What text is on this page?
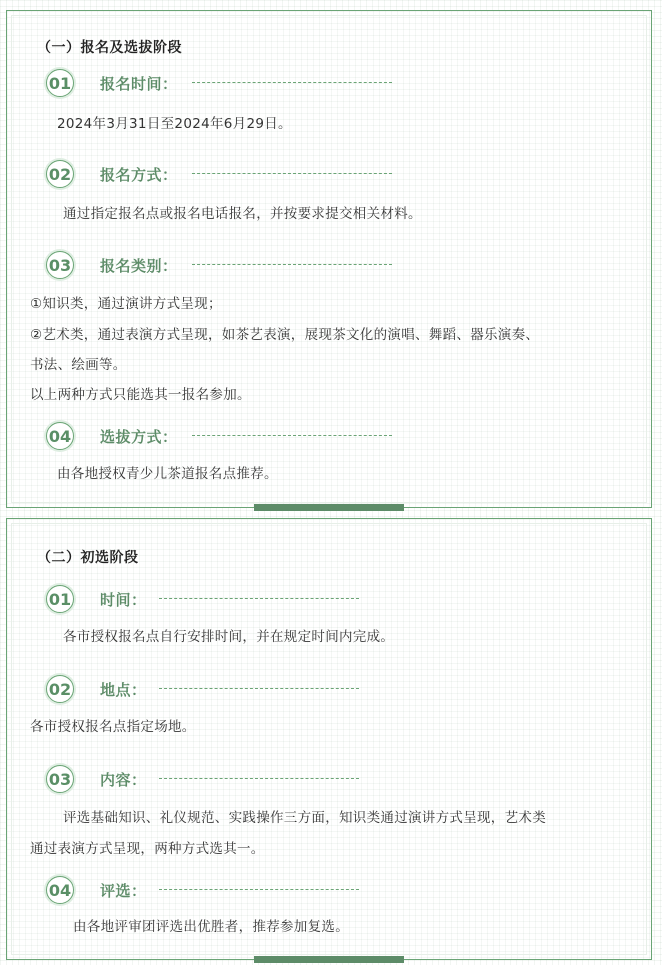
（一）报名及选拔阶段
01 报名时间：
2024年3月31日至2024年6月29日。
02 报名方式：
通过指定报名点或报名电话报名，并按要求提交相关材料。
03 报名类别：
①知识类，通过演讲方式呈现；
②艺术类，通过表演方式呈现，如茶艺表演，展现茶文化的演唱、舞蹈、器乐演奏、
书法、绘画等。
以上两种方式只能选其一报名参加。
04 选拔方式：
由各地授权青少儿茶道报名点推荐。
（二）初选阶段
01 时间：
各市授权报名点自行安排时间，并在规定时间内完成。
02 地点：
各市授权报名点指定场地。
03 内容：
评选基础知识、礼仪规范、实践操作三方面，知识类通过演讲方式呈现，艺术类
通过表演方式呈现，两种方式选其一。
04 评选：
由各地评审团评选出优胜者，推荐参加复选。
